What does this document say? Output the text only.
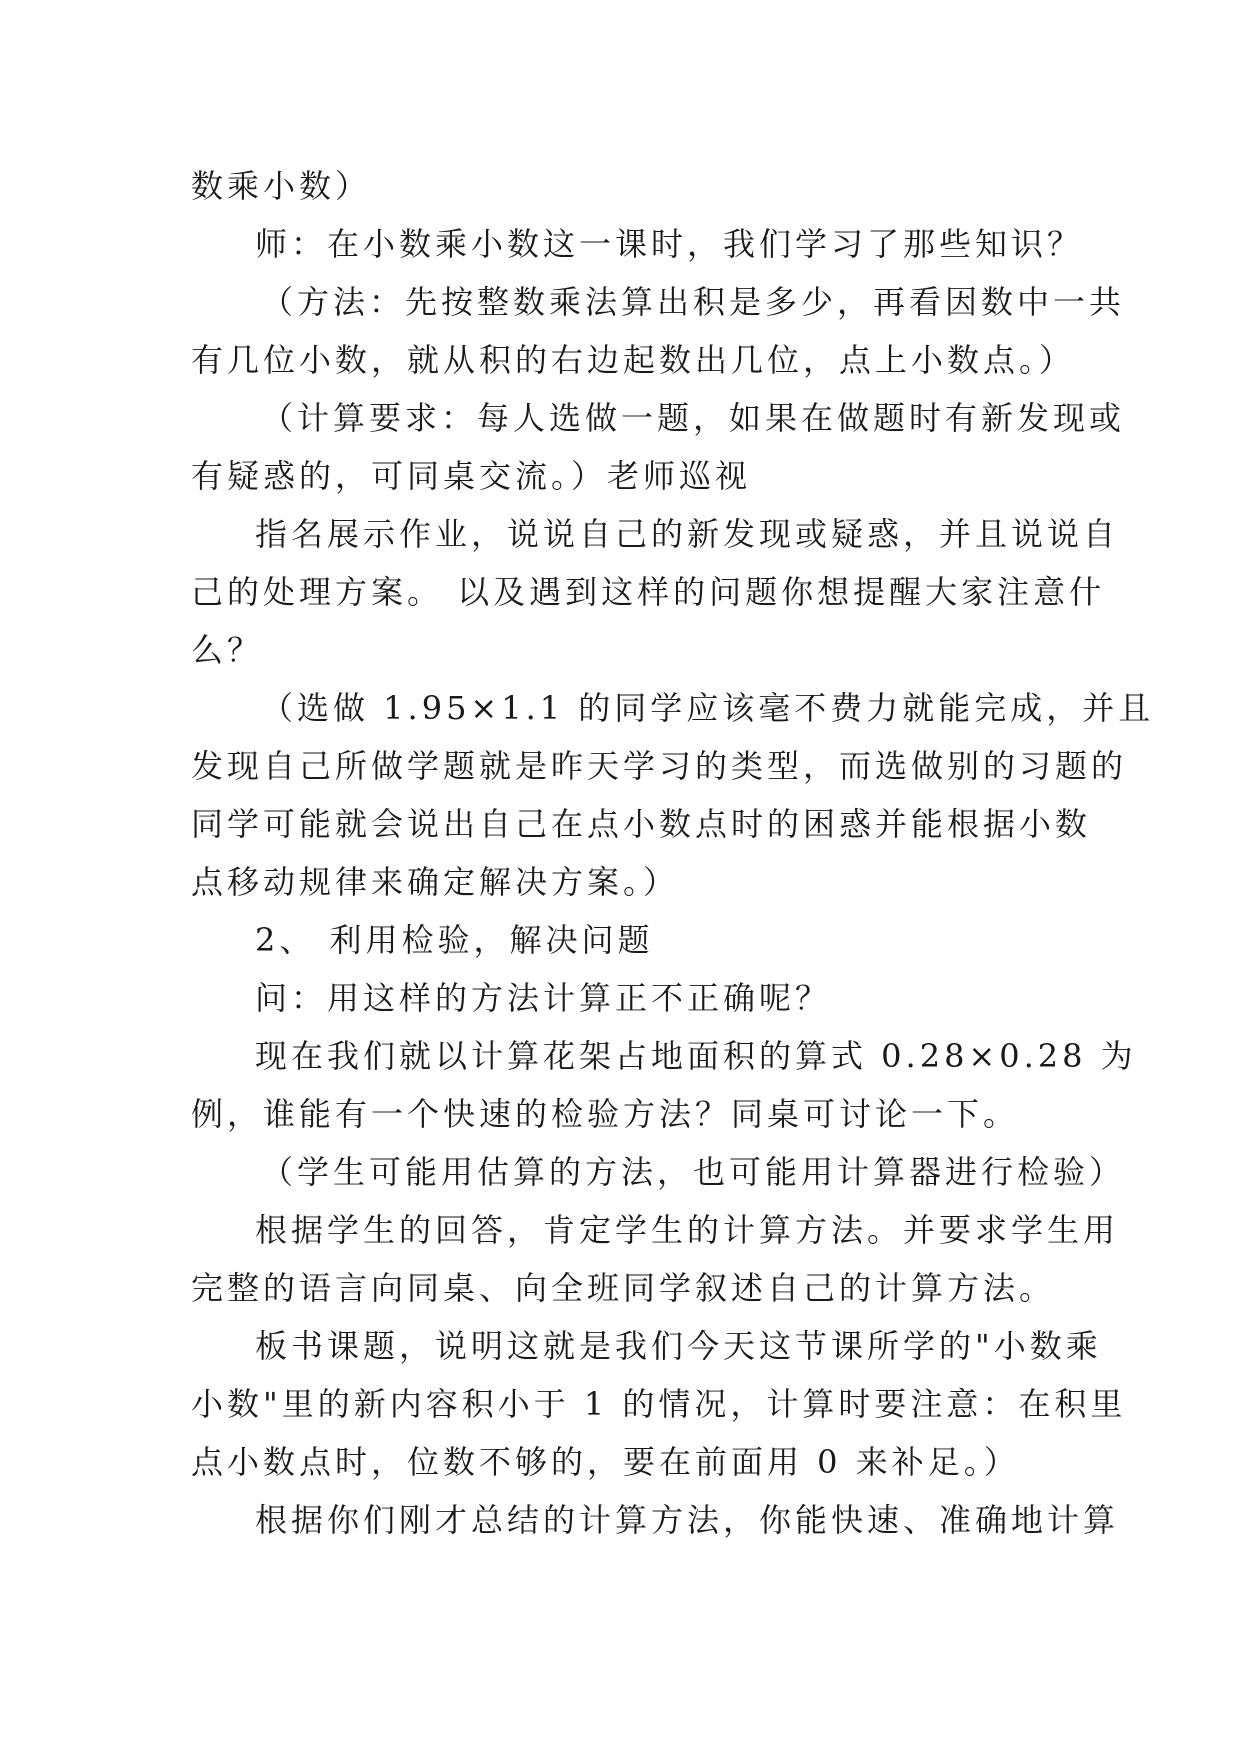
数乘小数）
师：在小数乘小数这一课时，我们学习了那些知识？
（方法：先按整数乘法算出积是多少，再看因数中一共
有几位小数，就从积的右边起数出几位，点上小数点。）
（计算要求：每人选做一题，如果在做题时有新发现或
有疑惑的，可同桌交流。）老师巡视
指名展示作业，说说自己的新发现或疑惑，并且说说自
己的处理方案。 以及遇到这样的问题你想提醒大家注意什
么？
（选做 1.95×1.1 的同学应该毫不费力就能完成，并且
发现自己所做学题就是昨天学习的类型，而选做别的习题的
同学可能就会说出自己在点小数点时的困惑并能根据小数
点移动规律来确定解决方案。）
2、 利用检验，解决问题
问：用这样的方法计算正不正确呢？
现在我们就以计算花架占地面积的算式 0.28×0.28 为
例，谁能有一个快速的检验方法？同桌可讨论一下。
（学生可能用估算的方法，也可能用计算器进行检验）
根据学生的回答，肯定学生的计算方法。并要求学生用
完整的语言向同桌、向全班同学叙述自己的计算方法。
板书课题，说明这就是我们今天这节课所学的"小数乘
小数"里的新内容积小于 1 的情况，计算时要注意：在积里
点小数点时，位数不够的，要在前面用 0 来补足。）
根据你们刚才总结的计算方法，你能快速、准确地计算
